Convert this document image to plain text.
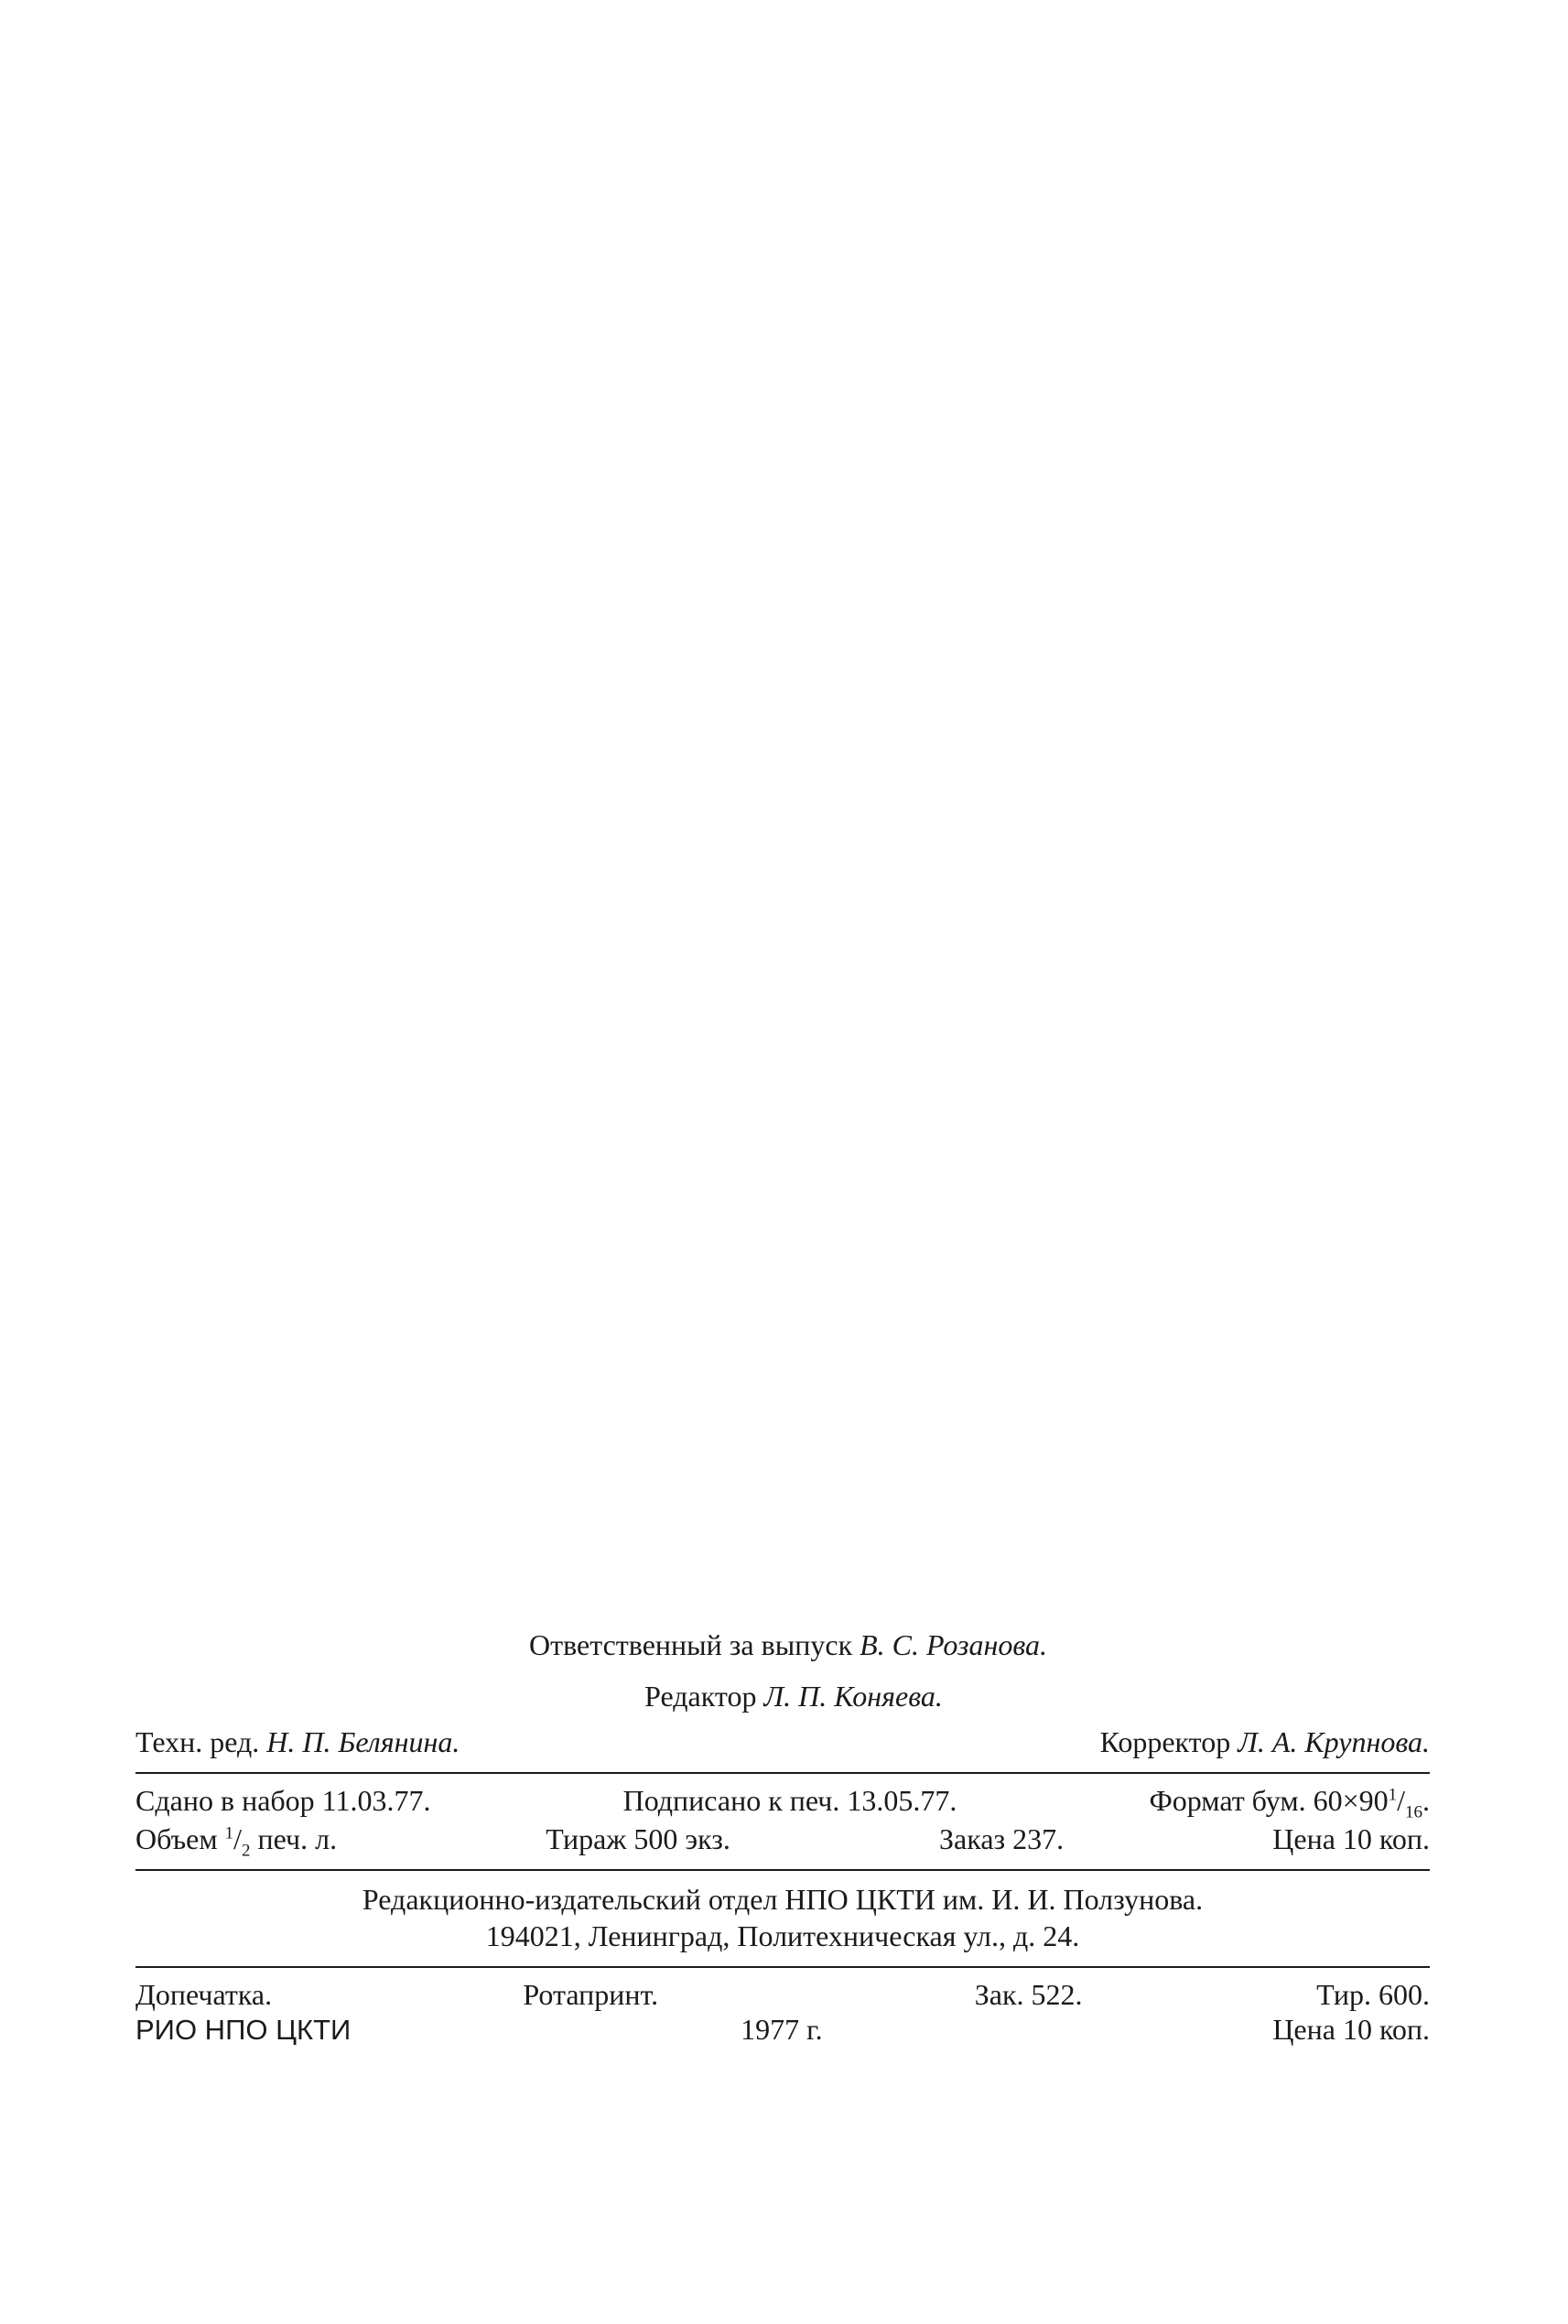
Ответственный за выпуск В. С. Розанова.

Редактор Л. П. Коняева.

Техн. ред. Н. П. Белянина.	Корректор Л. А. Крупнова.
Сдано в набор 11.03.77.	Подписано к печ. 13.05.77.	Формат бум. $60\times 90^1/_{16}$.
Объем $^1/_2$ печ. л.	Тираж 500 экз.	Заказ 237.	Цена 10 коп.

Редакционно-издательский отдел НПО ЦКТИ им. И. И. Ползунова.

194021, Ленинград, Политехническая ул., д. 24.

Допечатка.	Ротапринт.	Зак. 522.	Тир. 600.
РИО НПО ЦКТИ	1977 г.	Цена 10 коп.
